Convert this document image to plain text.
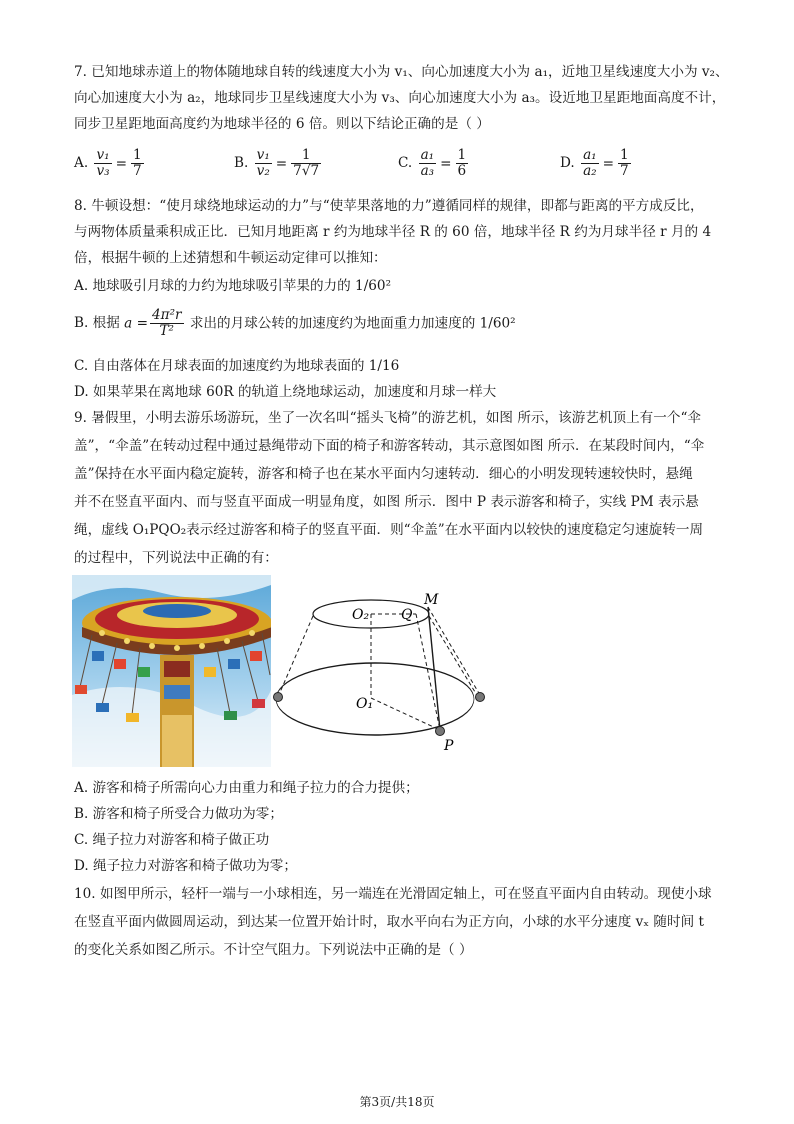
7. 已知地球赤道上的物体随地球自转的线速度大小为 v₁、向心加速度大小为 a₁，近地卫星线速度大小为 v₂、
向心加速度大小为 a₂，地球同步卫星线速度大小为 v₃、向心加速度大小为 a₃。设近地卫星距地面高度不计，
同步卫星距地面高度约为地球半径的 6 倍。则以下结论正确的是（ ）
A. $\frac{\text{v₁}}{\text{v₃}} = \frac{1}{7}$	B. $\frac{\text{v₁}}{\text{v₂}} = \frac{1}{7√7}$	C. $\frac{\text{a₁}}{\text{a₃}} = \frac{1}{6}$	D. $\frac{\text{a₁}}{\text{a₂}} = \frac{1}{7}$
8. 牛顿设想：“使月球绕地球运动的力”与“使苹果落地的力”遵循同样的规律，即都与距离的平方成反比，
与两物体质量乘积成正比．已知月地距离 r 约为地球半径 R 的 60 倍，地球半径 R 约为月球半径 r 月的 4
倍，根据牛顿的上述猜想和牛顿运动定律可以推知：
A. 地球吸引月球的力约为地球吸引苹果的力的 1/60²
B. 根据 $a = \frac{\text{4π²r}}{\text{T²}}$ 求出的月球公转的加速度约为地面重力加速度的 1/60²
C. 自由落体在月球表面的加速度约为地球表面的 1/16
D. 如果苹果在离地球 60R 的轨道上绕地球运动，加速度和月球一样大
9. 暑假里，小明去游乐场游玩，坐了一次名叫“摇头飞椅”的游艺机，如图 所示，该游艺机顶上有一个“伞
盖”，“伞盖”在转动过程中通过悬绳带动下面的椅子和游客转动，其示意图如图 所示．在某段时间内，“伞
盖”保持在水平面内稳定旋转，游客和椅子也在某水平面内匀速转动．细心的小明发现转速较快时，悬绳
并不在竖直平面内、而与竖直平面成一明显角度，如图 所示．图中 P 表示游客和椅子，实线 PM 表示悬
绳，虚线 O₁PQO₂表示经过游客和椅子的竖直平面．则“伞盖”在水平面内以较快的速度稳定匀速旋转一周
的过程中，下列说法中正确的有：
O₂ Q
M
O₁
P
A. 游客和椅子所需向心力由重力和绳子拉力的合力提供；
B. 游客和椅子所受合力做功为零；
C. 绳子拉力对游客和椅子做正功
D. 绳子拉力对游客和椅子做功为零；
10. 如图甲所示，轻杆一端与一小球相连，另一端连在光滑固定轴上，可在竖直平面内自由转动。现使小球
在竖直平面内做圆周运动，到达某一位置开始计时，取水平向右为正方向，小球的水平分速度 vₓ 随时间 t
的变化关系如图乙所示。不计空气阻力。下列说法中正确的是（ ）
第3页/共18页
